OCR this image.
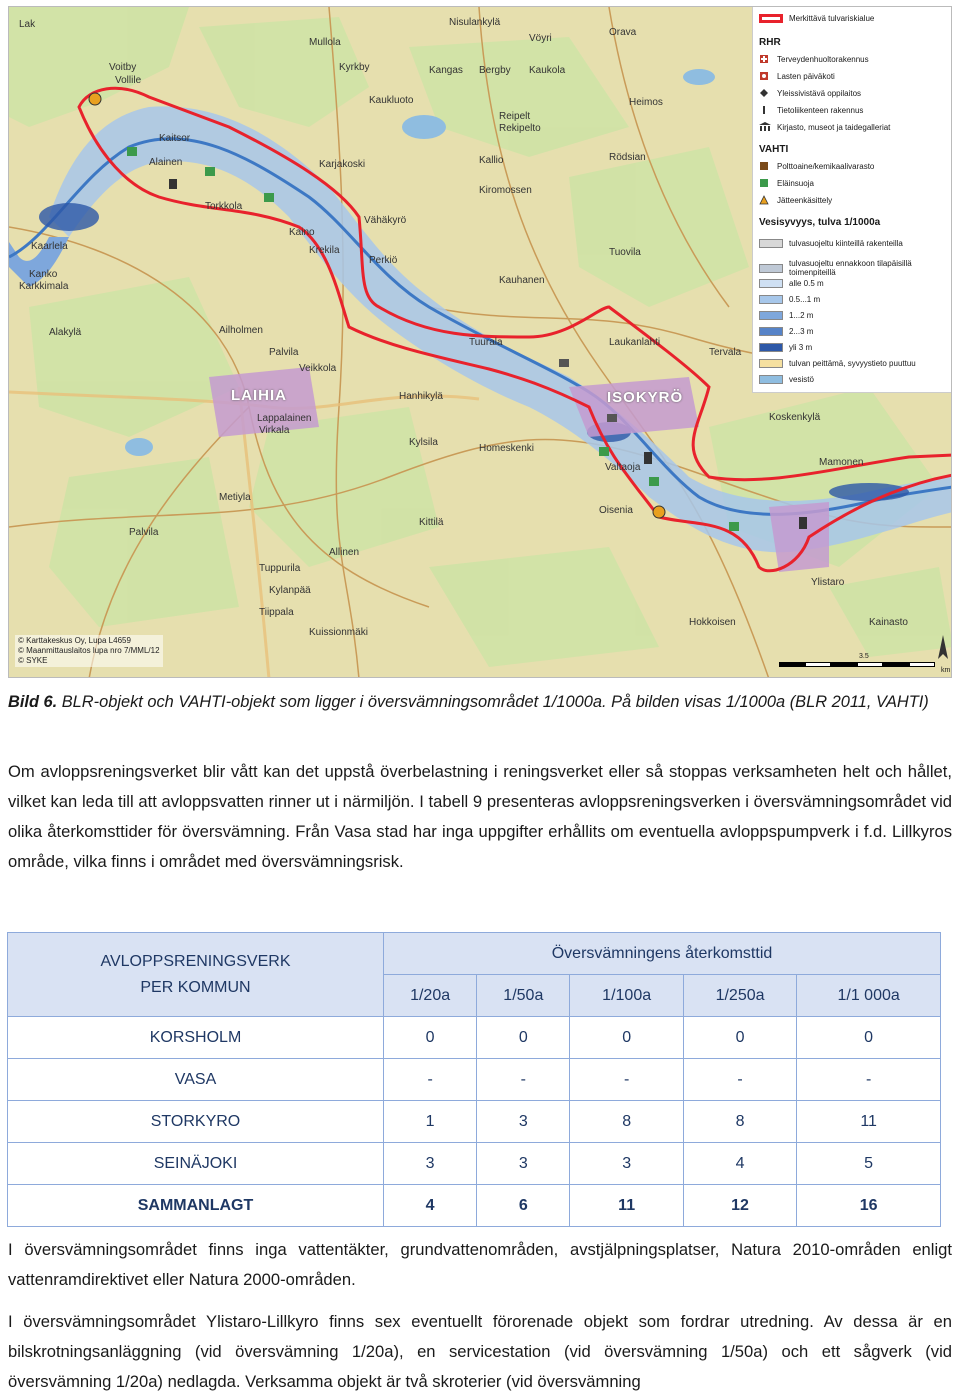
LAIHIA	ISOKYRÖ
Lak
Mullola
Nisulankylä
Orava
Vöyri
Voitby
Vollile
Kyrkby	Kangas Bergby Kaukola
Heimos
Kaukluoto
Reipelt
Rekipelto
Alainen
Kaitsor
Rödsian
Kallio
Torkkola
Karjakoski
Vähäkyrö
Kiromossen
Kaino
Kaarlela	Krekila
Perkiö
Kanko
Karkkimala
Tuovila
Kauhanen
Alakylä	Ailholmen
Palvila
Veikkola
Tuurala	Laukanlahti
Lappalainen
Virkala
Kylsila
Hanhikylä
Homeskenki
Valtaoja
Oisenia
Kittilä
Metiyla
Tuppurila
Tiippala
Allinen
Kylanpää
Kuissionmäki
Hokkoisen
Ylistaro
Kainasto
Mamonen
Koskenkylä
Tervala
Palvila
Merkittävä tulvariskialue
RHR
Terveydenhuoltorakennus
Lasten päiväkoti
Yleissivistävä oppilaitos
Tietoliikenteen rakennus
Kirjasto, museot ja taidegalleriat
VAHTI
Polttoaine/kemikaalivarasto
Eläinsuoja
Jätteenkäsittely
Vesisyvyys, tulva 1/1000a
tulvasuojeltu kiinteillä rakenteilla
tulvasuojeltu ennakkoon tilapäisillä toimenpiteillä
alle 0.5 m
0.5...1 m
1...2 m
2...3 m
yli 3 m
tulvan peittämä, syvyystieto puuttuu
vesistö
© Karttakeskus Oy, Lupa L4659
© Maanmittauslaitos lupa nro 7/MML/12
© SYKE	3.5
km
Bild 6. BLR-objekt och VAHTI-objekt som ligger i översvämningsområdet 1/1000a. På bilden visas 1/1000a (BLR 2011, VAHTI)
Om avloppsreningsverket blir vått kan det uppstå överbelastning i reningsverket eller så stoppas verksamheten helt och hållet, vilket kan leda till att avloppsvatten rinner ut i närmiljön. I tabell 9 presenteras avloppsreningsverken i översvämningsområdet vid olika återkomsttider för översvämning. Från Vasa stad har inga uppgifter erhållits om eventuella avloppspumpverk i f.d. Lillkyros område, vilka finns i området med översvämningsrisk.
AVLOPPSRENINGSVERK
PER KOMMUN	Översvämningens återkomsttid				
	1/20a	1/50a	1/100a	1/250a	1/1 000a
KORSHOLM	0	0	0	0	0
VASA	-	-	-	-	-
STORKYRO	1	3	8	8	11
SEINÄJOKI	3	3	3	4	5
SAMMANLAGT	4	6	11	12	16
I översvämningsområdet finns inga vattentäkter, grundvattenområden, avstjälpningsplatser, Natura 2010-områden enligt vattenramdirektivet eller Natura 2000-områden.
I översvämningsområdet Ylistaro-Lillkyro finns sex eventuellt förorenade objekt som fordrar utredning. Av dessa är en bilskrotningsanläggning (vid översvämning 1/20a), en servicestation (vid översvämning 1/50a) och ett sågverk (vid översvämning 1/20a) nedlagda. Verksamma objekt är två skroterier (vid översvämning
